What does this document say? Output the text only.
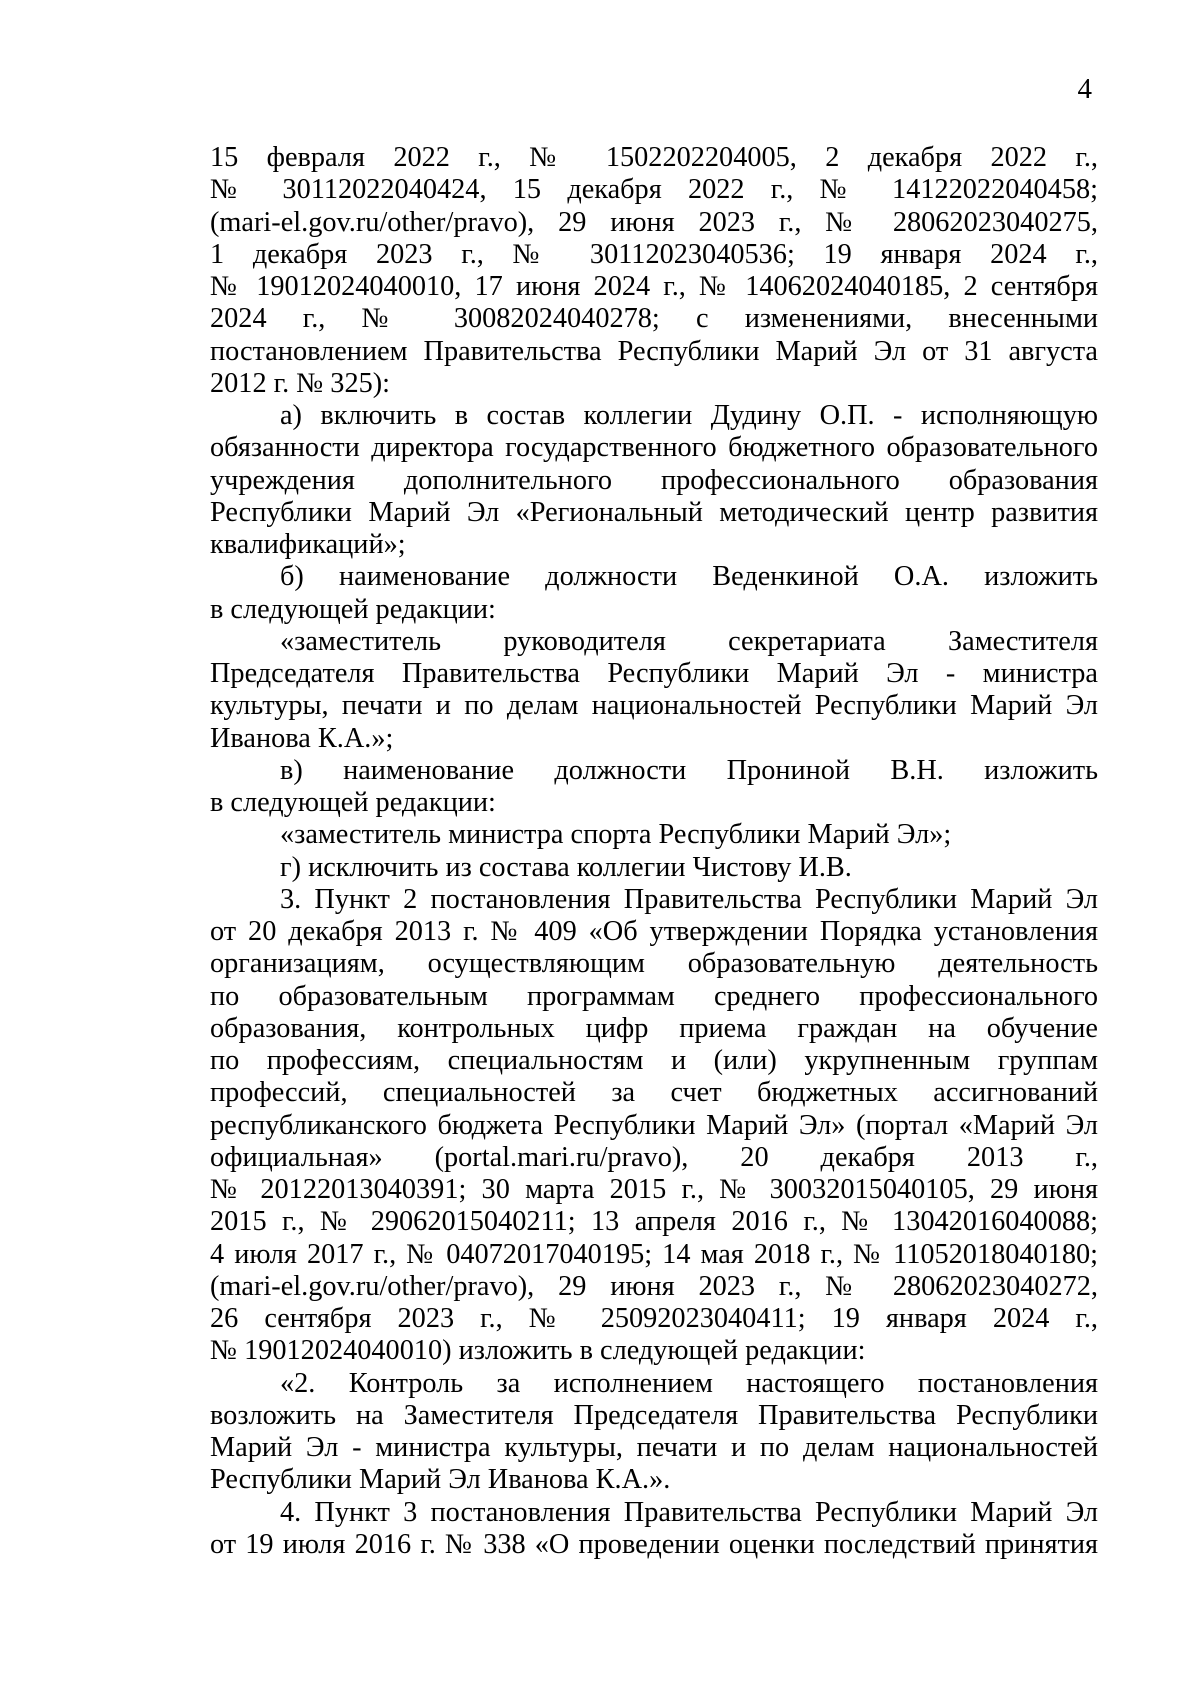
4

15 февраля 2022 г., № 1502202204005, 2 декабря 2022 г.,

№ 30112022040424, 15 декабря 2022 г., № 14122022040458;

(mari-el.gov.ru/other/pravo), 29 июня 2023 г., № 28062023040275,

1 декабря 2023 г., № 30112023040536; 19 января 2024 г.,

№ 19012024040010, 17 июня 2024 г., № 14062024040185, 2 сентября

2024 г., № 30082024040278; с изменениями, внесенными

постановлением Правительства Республики Марий Эл от 31 августа

2012 г. № 325):

а) включить в состав коллегии Дудину О.П. - исполняющую

обязанности директора государственного бюджетного образовательного

учреждения дополнительного профессионального образования

Республики Марий Эл «Региональный методический центр развития

квалификаций»;

б) наименование должности Веденкиной О.А. изложить

в следующей редакции:

«заместитель руководителя секретариата Заместителя

Председателя Правительства Республики Марий Эл - министра

культуры, печати и по делам национальностей Республики Марий Эл

Иванова К.А.»;

в) наименование должности Прониной В.Н. изложить

в следующей редакции:

«заместитель министра спорта Республики Марий Эл»;

г) исключить из состава коллегии Чистову И.В.

3. Пункт 2 постановления Правительства Республики Марий Эл

от 20 декабря 2013 г. № 409 «Об утверждении Порядка установления

организациям, осуществляющим образовательную деятельность

по образовательным программам среднего профессионального

образования, контрольных цифр приема граждан на обучение

по профессиям, специальностям и (или) укрупненным группам

профессий, специальностей за счет бюджетных ассигнований

республиканского бюджета Республики Марий Эл» (портал «Марий Эл

официальная» (portal.mari.ru/pravo), 20 декабря 2013 г.,

№ 20122013040391; 30 марта 2015 г., № 30032015040105, 29 июня

2015 г., № 29062015040211; 13 апреля 2016 г., № 13042016040088;

4 июля 2017 г., № 04072017040195; 14 мая 2018 г., № 11052018040180;

(mari-el.gov.ru/other/pravo), 29 июня 2023 г., № 28062023040272,

26 сентября 2023 г., № 25092023040411; 19 января 2024 г.,

№ 19012024040010) изложить в следующей редакции:

«2. Контроль за исполнением настоящего постановления

возложить на Заместителя Председателя Правительства Республики

Марий Эл - министра культуры, печати и по делам национальностей

Республики Марий Эл Иванова К.А.».

4. Пункт 3 постановления Правительства Республики Марий Эл

от 19 июля 2016 г. № 338 «О проведении оценки последствий принятия
